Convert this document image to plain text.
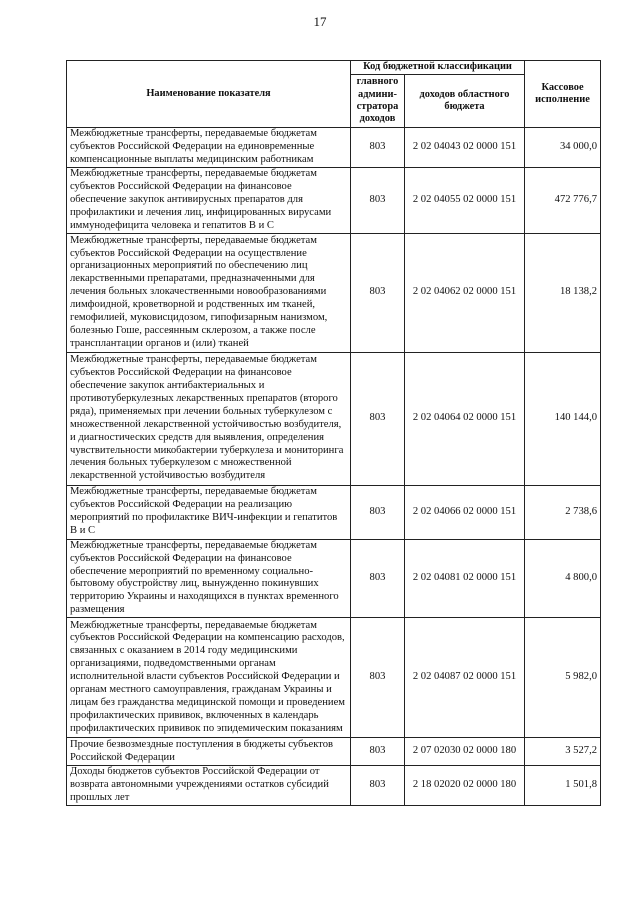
17
Наименование показателя	Код бюджетной классификации		Кассовое исполнение
	главного админи-стратора доходов	доходов областного бюджета	
Межбюджетные трансферты, передаваемые бюджетам субъектов Российской Федерации на единовременные компенсационные выплаты медицинским работникам	803	2 02 04043 02 0000 151	34 000,0
Межбюджетные трансферты, передаваемые бюджетам субъектов Российской Федерации на финансовое обеспечение закупок антивирусных препаратов для профилактики и лечения лиц, инфицированных вирусами иммунодефицита человека и гепатитов В и С	803	2 02 04055 02 0000 151	472 776,7
Межбюджетные трансферты, передаваемые бюджетам субъектов Российской Федерации на осуществление организационных мероприятий по обеспечению лиц лекарственными препаратами, предназначенными для лечения больных злокачественными новообразованиями лимфоидной, кроветворной и родственных им тканей, гемофилией, муковисцидозом, гипофизарным нанизмом, болезнью Гоше, рассеянным склерозом, а также после трансплантации органов и (или) тканей	803	2 02 04062 02 0000 151	18 138,2
Межбюджетные трансферты, передаваемые бюджетам субъектов Российской Федерации на финансовое обеспечение закупок антибактериальных и противотуберкулезных лекарственных препаратов (второго ряда), применяемых при лечении больных туберкулезом с множественной лекарственной устойчивостью возбудителя, и диагностических средств для выявления, определения чувствительности микобактерии туберкулеза и мониторинга лечения больных туберкулезом с множественной лекарственной устойчивостью возбудителя	803	2 02 04064 02 0000 151	140 144,0
Межбюджетные трансферты, передаваемые бюджетам субъектов Российской Федерации на реализацию мероприятий по профилактике ВИЧ-инфекции и гепатитов В и С	803	2 02 04066 02 0000 151	2 738,6
Межбюджетные трансферты, передаваемые бюджетам субъектов Российской Федерации на финансовое обеспечение мероприятий по временному социально-бытовому обустройству лиц, вынужденно покинувших территорию Украины и находящихся в пунктах временного размещения	803	2 02 04081 02 0000 151	4 800,0
Межбюджетные трансферты, передаваемые бюджетам субъектов Российской Федерации на компенсацию расходов, связанных с оказанием в 2014 году медицинскими организациями, подведомственными органам исполнительной власти субъектов Российской Федерации и органам местного самоуправления, гражданам Украины и лицам без гражданства медицинской помощи и проведением профилактических прививок, включенных в календарь профилактических прививок по эпидемическим показаниям	803	2 02 04087 02 0000 151	5 982,0
Прочие безвозмездные поступления в бюджеты субъектов Российской Федерации	803	2 07 02030 02 0000 180	3 527,2
Доходы бюджетов субъектов Российской Федерации от возврата автономными учреждениями остатков субсидий прошлых лет	803	2 18 02020 02 0000 180	1 501,8
